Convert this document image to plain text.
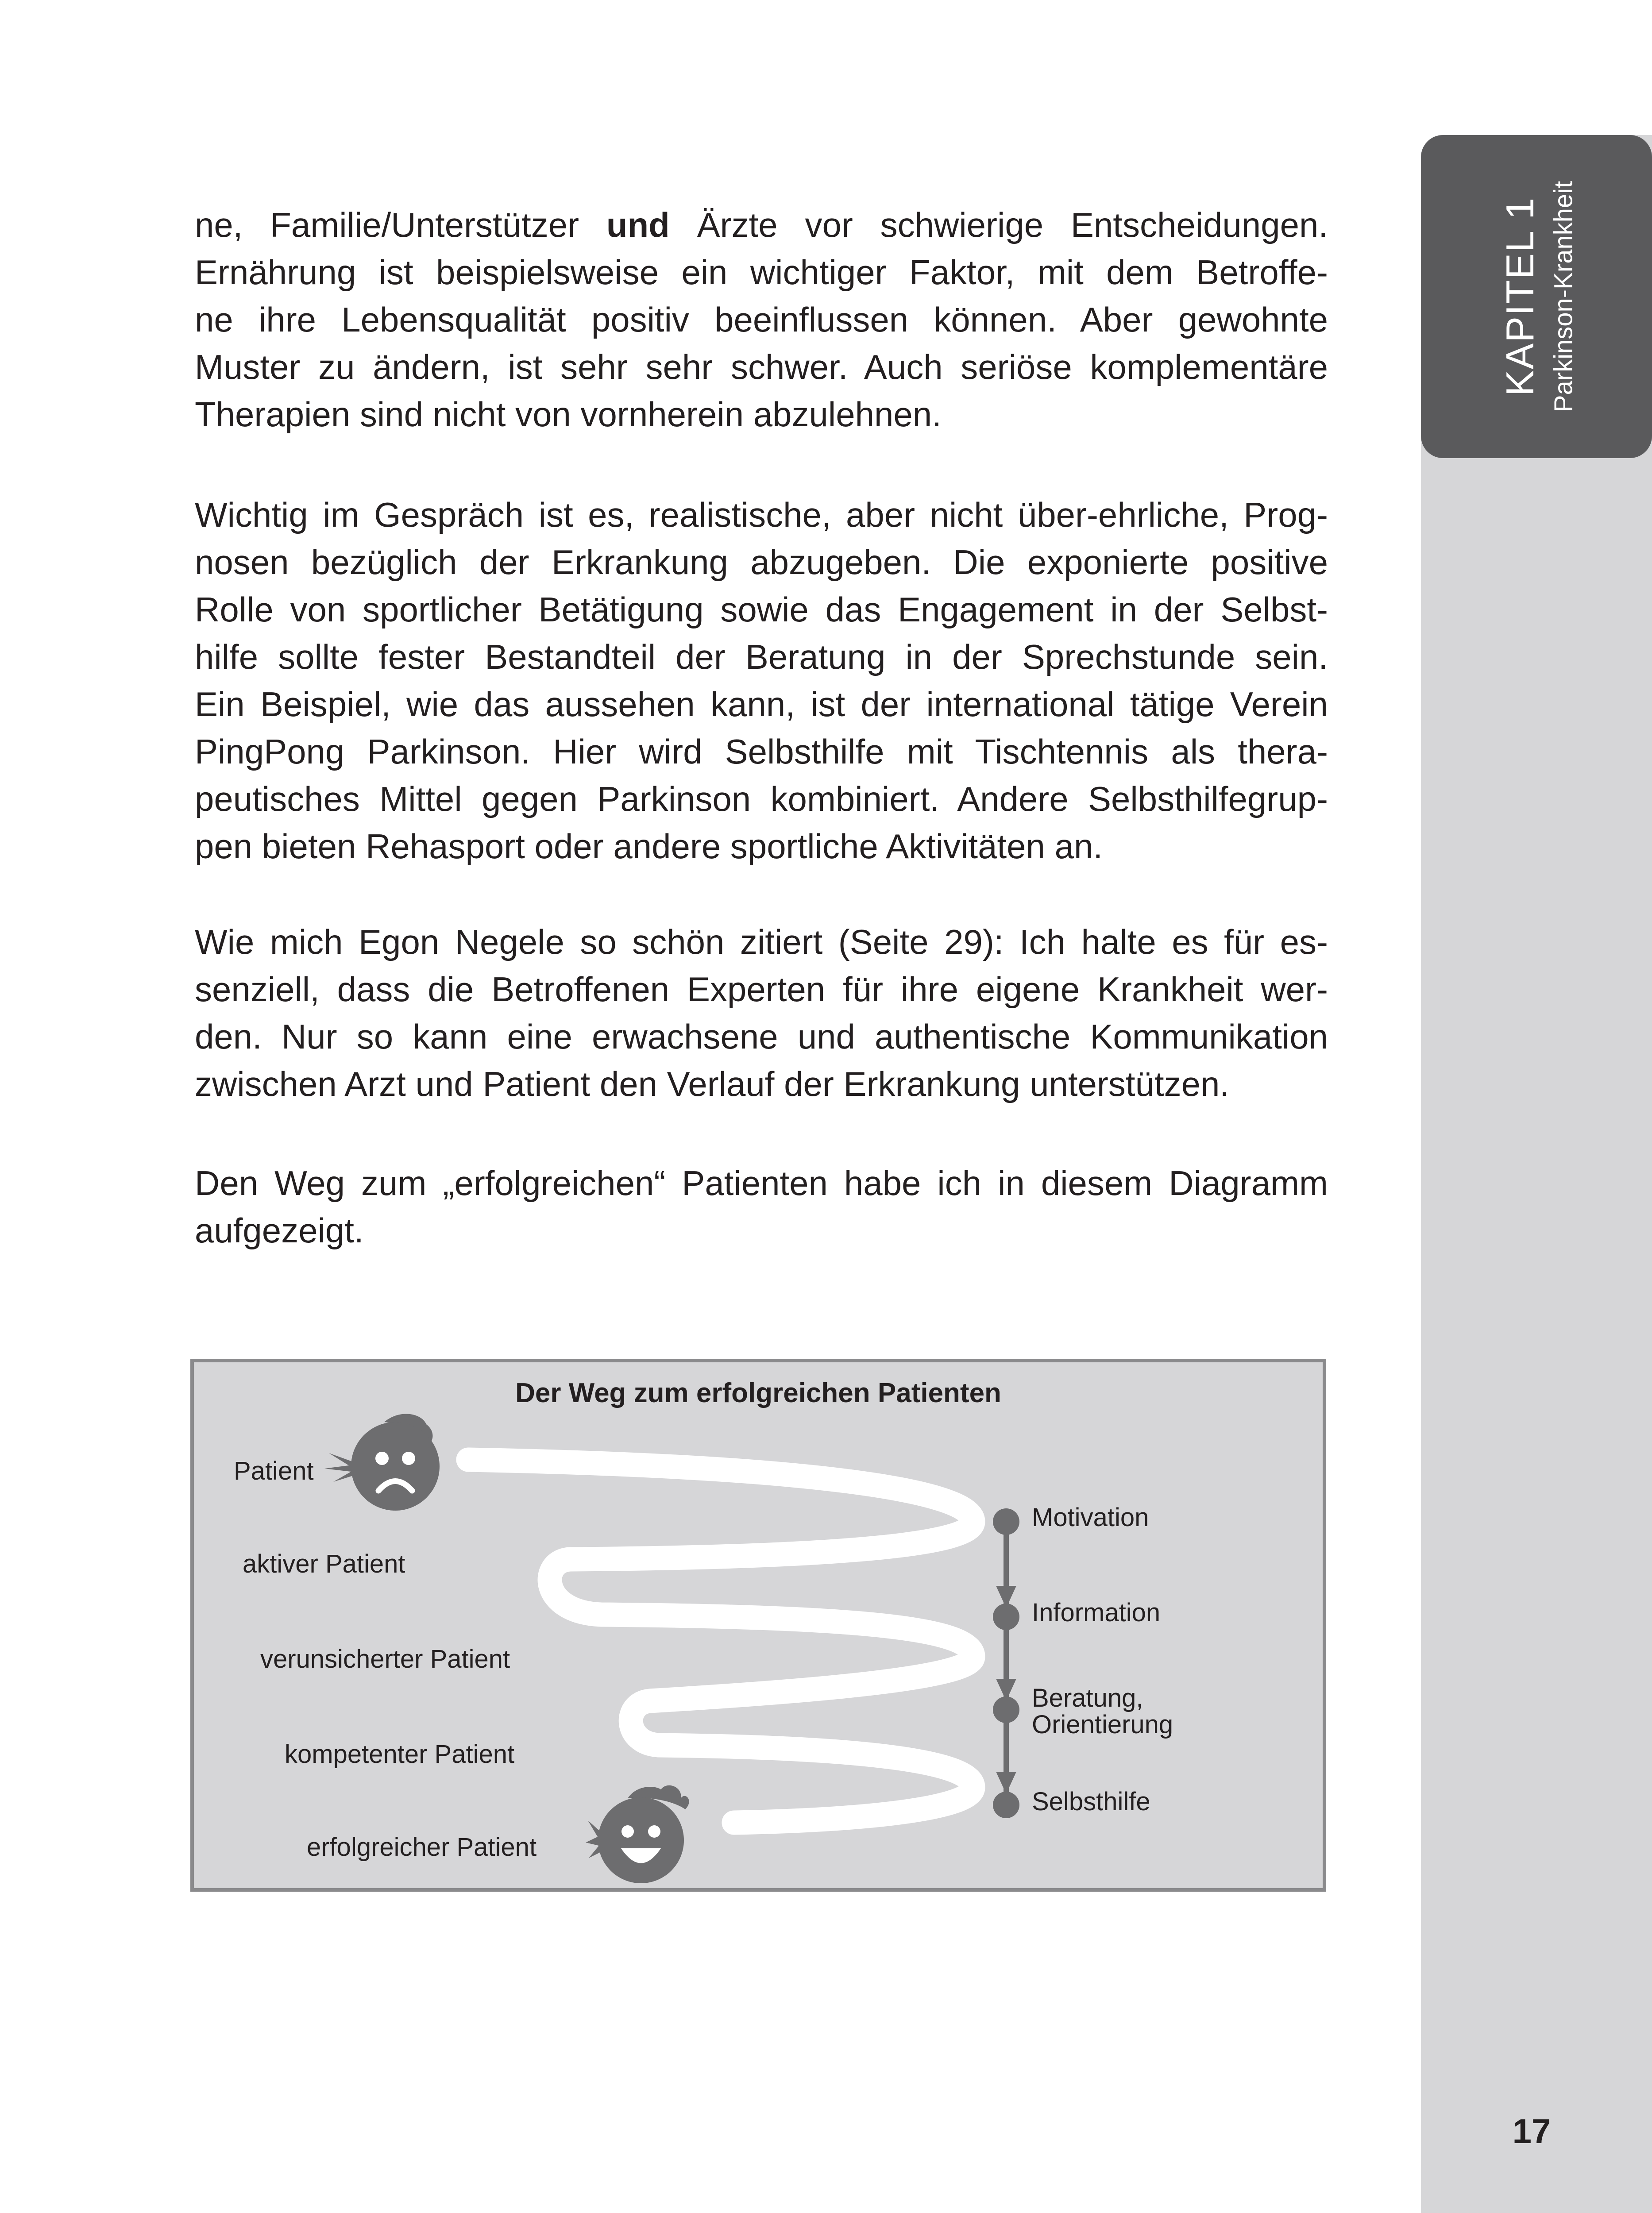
KAPITEL 1 Parkinson-Krankheit
ne, Familie/Unterstützer und Ärzte vor schwierige Entscheidungen.
Ernährung ist beispielsweise ein wichtiger Faktor, mit dem Betroffe-
ne ihre Lebensqualität positiv beeinflussen können. Aber gewohnte
Muster zu ändern, ist sehr sehr schwer. Auch seriöse komplementäre
Therapien sind nicht von vornherein abzulehnen.
Wichtig im Gespräch ist es, realistische, aber nicht über-ehrliche, Prog-
nosen bezüglich der Erkrankung abzugeben. Die exponierte positive
Rolle von sportlicher Betätigung sowie das Engagement in der Selbst-
hilfe sollte fester Bestandteil der Beratung in der Sprechstunde sein.
Ein Beispiel, wie das aussehen kann, ist der international tätige Verein
PingPong Parkinson. Hier wird Selbsthilfe mit Tischtennis als thera-
peutisches Mittel gegen Parkinson kombiniert. Andere Selbsthilfegrup-
pen bieten Rehasport oder andere sportliche Aktivitäten an.
Wie mich Egon Negele so schön zitiert (Seite 29): Ich halte es für es-
senziell, dass die Betroffenen Experten für ihre eigene Krankheit wer-
den. Nur so kann eine erwachsene und authentische Kommunikation
zwischen Arzt und Patient den Verlauf der Erkrankung unterstützen.
Den Weg zum „erfolgreichen“ Patienten habe ich in diesem Diagramm
aufgezeigt.
Der Weg zum erfolgreichen Patienten
Patient
aktiver Patient
verunsicherter Patient
kompetenter Patient
erfolgreicher Patient
Motivation
Information
Beratung,
Orientierung
Selbsthilfe
17
